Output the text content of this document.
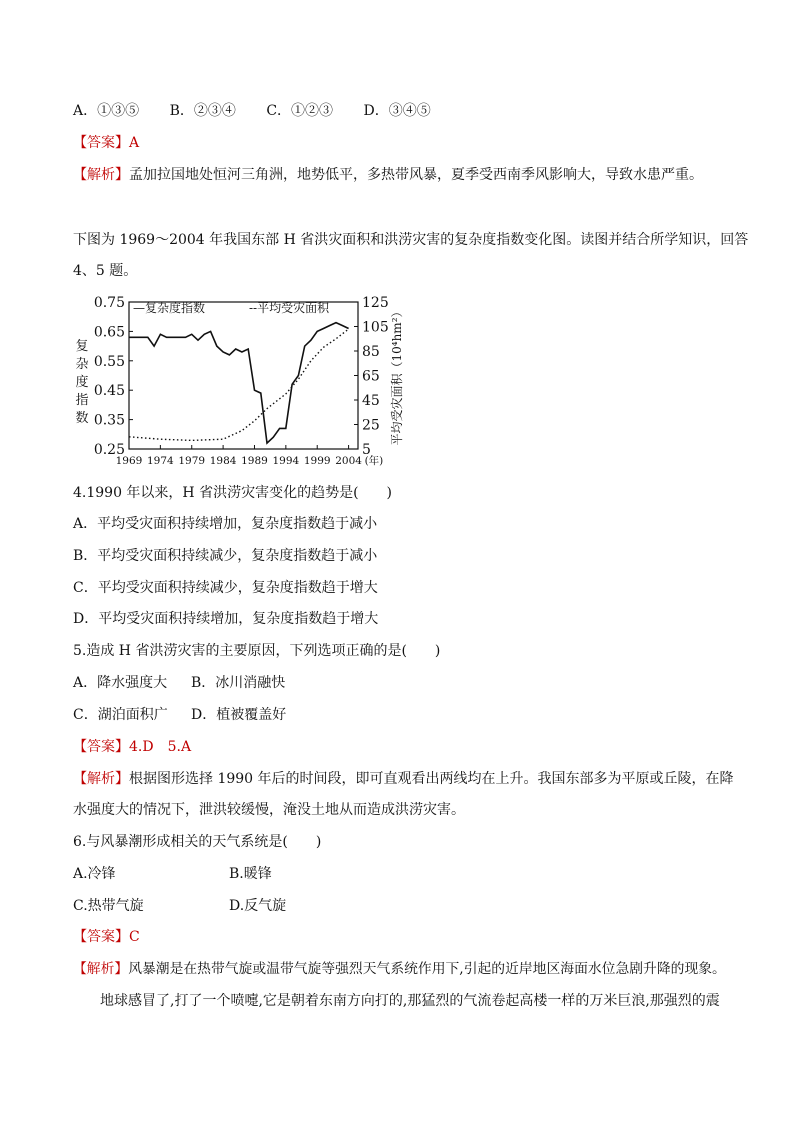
A．①③⑤ B．②③④ C．①②③ D．③④⑤
【答案】A
【解析】孟加拉国地处恒河三角洲，地势低平，多热带风暴，夏季受西南季风影响大，导致水患严重。
下图为 1969～2004 年我国东部 H 省洪灾面积和洪涝灾害的复杂度指数变化图。读图并结合所学知识，回答
4、5 题。
0.75
0.65
0.55
0.45
0.35
0.25
125
105
85
65
45
25
5
1969 1974 1979 1984 1989 1994 1999 2004 (年)
复
杂
度
指
数	平均受灾面积（10⁴hm²）
—复杂度指数	--平均受灾面积
4.1990 年以来，H 省洪涝灾害变化的趋势是(　　)
A．平均受灾面积持续增加，复杂度指数趋于减小
B．平均受灾面积持续减少，复杂度指数趋于减小
C．平均受灾面积持续减少，复杂度指数趋于增大
D．平均受灾面积持续增加，复杂度指数趋于增大
5.造成 H 省洪涝灾害的主要原因，下列选项正确的是(　　)
A．降水强度大 B．冰川消融快
C．湖泊面积广 D．植被覆盖好
【答案】4.D　5.A
【解析】根据图形选择 1990 年后的时间段，即可直观看出两线均在上升。我国东部多为平原或丘陵，在降
水强度大的情况下，泄洪较缓慢，淹没土地从而造成洪涝灾害。
6.与风暴潮形成相关的天气系统是(　　)
A.冷锋	B.暖锋
C.热带气旋	D.反气旋
【答案】C
【解析】风暴潮是在热带气旋或温带气旋等强烈天气系统作用下,引起的近岸地区海面水位急剧升降的现象。
地球感冒了,打了一个喷嚏,它是朝着东南方向打的,那猛烈的气流卷起高楼一样的万米巨浪,那强烈的震
